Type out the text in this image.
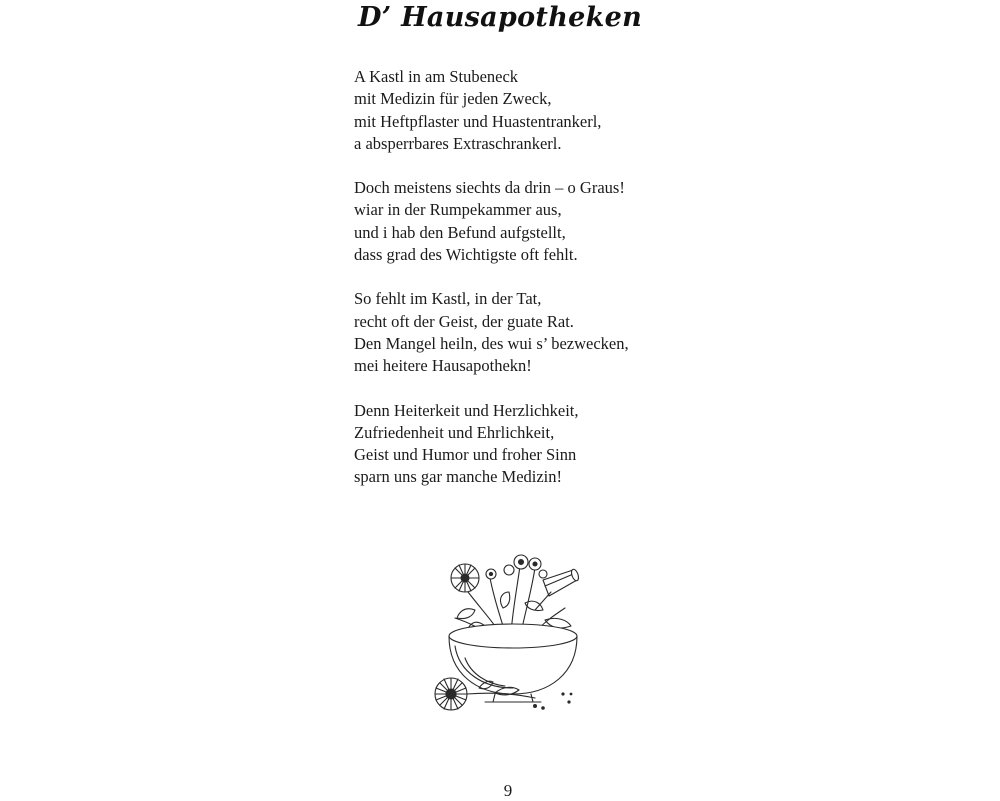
D’ Hausapotheken
A Kastl in am Stubeneck
mit Medizin für jeden Zweck,
mit Heftpflaster und Huastentrankerl,
a absperrbares Extraschrankerl.
Doch meistens siechts da drin – o Graus!
wiar in der Rumpekammer aus,
und i hab den Befund aufgstellt,
dass grad des Wichtigste oft fehlt.
So fehlt im Kastl, in der Tat,
recht oft der Geist, der guate Rat.
Den Mangel heiln, des wui s’ bezwecken,
mei heitere Hausapothekn!
Denn Heiterkeit und Herzlichkeit,
Zufriedenheit und Ehrlichkeit,
Geist und Humor und froher Sinn
sparn uns gar manche Medizin!
9
